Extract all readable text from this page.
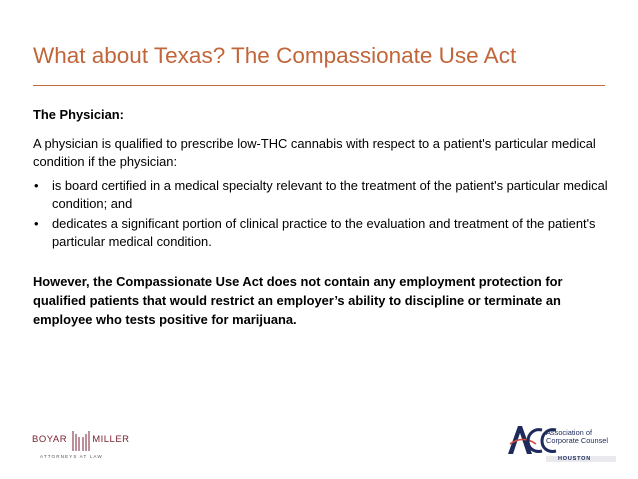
What about Texas? The Compassionate Use Act
The Physician:
A physician is qualified to prescribe low-THC cannabis with respect to a patient's particular medical condition if the physician:
• is board certified in a medical specialty relevant to the treatment of the patient's particular medical condition; and
• dedicates a significant portion of clinical practice to the evaluation and treatment of the patient's particular medical condition.
However, the Compassionate Use Act does not contain any employment protection for qualified patients that would restrict an employer’s ability to discipline or terminate an employee who tests positive for marijuana.
BOYAR MILLER
ATTORNEYS AT LAW
Association of
Corporate Counsel
HOUSTON
